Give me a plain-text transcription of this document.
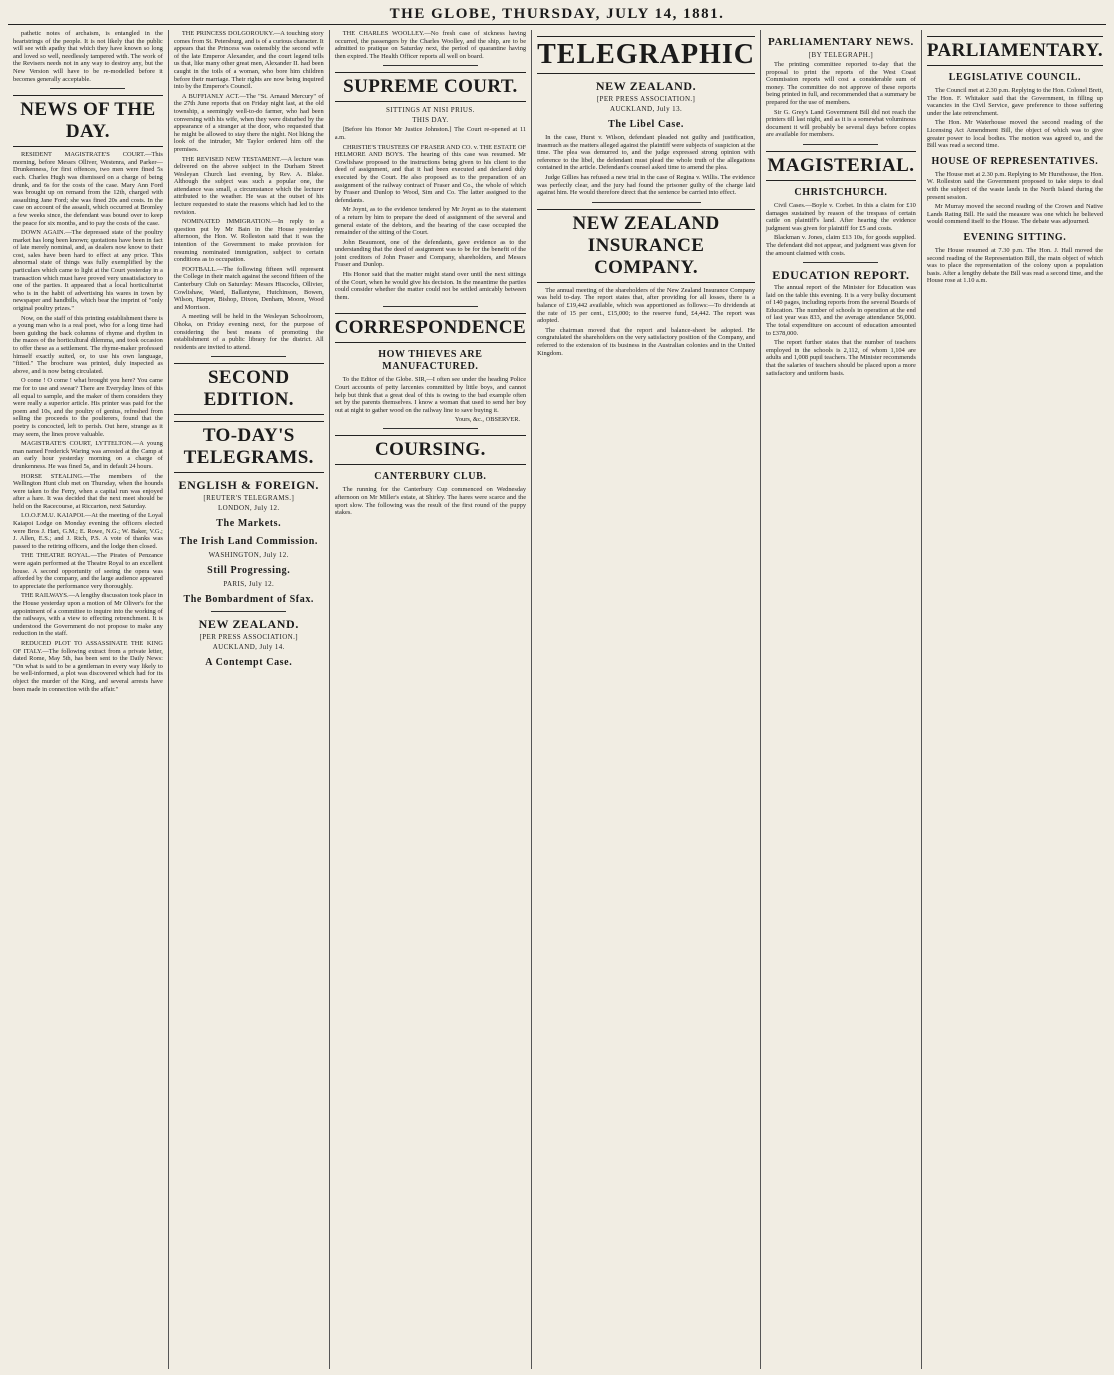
THE GLOBE, THURSDAY, JULY 14, 1881.
pathetic notes of archaism, is entangled in the heartstrings of the people. It is not likely that the public will see with apathy that which they have known so long and loved so well, needlessly tampered with. The work of the Revisers needs not in any way to destroy any, but the New Version will have to be re-modelled before it becomes generally acceptable.
NEWS OF THE DAY.
RESIDENT MAGISTRATE'S COURT.—This morning, before Messrs Olliver, Westenra, and Parker—Drunkenness, for first offences, two men were fined 5s each. Charles Hugh was dismissed on a charge of being drunk, and 6s for the costs of the case. Mary Ann Ford was brought up on remand from the 12th, charged with assaulting Jane Ford; she was fined 20s and costs. In the case on account of the assault, which occurred at Bromley a few weeks since, the defendant was bound over to keep the peace for six months, and to pay the costs of the case.
DOWN AGAIN.—The depressed state of the poultry market has long been known; quotations have been in fact of late merely nominal, and, as dealers now know to their cost, sales have been hard to effect at any price. This abnormal state of things was fully exemplified by the particulars which came to light at the Court yesterday in a transaction which must have proved very unsatisfactory to one of the parties. It appeared that a local horticulturist who is in the habit of advertising his wares in town by newspaper and handbills, which bear the imprint of "only original poultry prizes."
Now, on the staff of this printing establishment there is a young man who is a real poet, who for a long time had been guiding the back columns of rhyme and rhythm in the mazes of the horticultural dilemma, and took occasion to offer these as a settlement. The rhyme-maker professed himself exactly suited, or, to use his own language, "fitted." The brochure was printed, duly inspected as above, and is now being circulated.
O come ! O come ! what brought you here? You came me for to use and swear? There are Everyday lines of this all equal to sample, and the maker of them considers they were really a superior article. His printer was paid for the poem and 10s, and the poultry of genius, refreshed from selling the proceeds to the poulterers, found that the poetry is concocted, left to perish. Out here, strange as it may seem, the lines prove valuable.
MAGISTRATE'S COURT, LYTTELTON.—A young man named Frederick Waring was arrested at the Camp at an early hour yesterday morning on a charge of drunkenness. He was fined 5s, and in default 24 hours.
HORSE STEALING.—The members of the Wellington Hunt club met on Thursday, when the hounds were taken to the Ferry, when a capital run was enjoyed after a hare. It was decided that the next meet should be held on the Racecourse, at Riccarton, next Saturday.
I.O.O.F.M.U. KAIAPOI.—At the meeting of the Loyal Kaiapoi Lodge on Monday evening the officers elected were Bros J. Hart, G.M.; E. Rowe, N.G.; W. Baker, V.G.; J. Allen, E.S.; and J. Rich, P.S. A vote of thanks was passed to the retiring officers, and the lodge then closed.
THE THEATRE ROYAL.—The Pirates of Penzance were again performed at the Theatre Royal to an excellent house. A second opportunity of seeing the opera was afforded by the company, and the large audience appeared to appreciate the performance very thoroughly.
THE RAILWAYS.—A lengthy discussion took place in the House yesterday upon a motion of Mr Oliver's for the appointment of a committee to inquire into the working of the railways, with a view to effecting retrenchment. It is understood the Government do not propose to make any reduction in the staff.
REDUCED PLOT TO ASSASSINATE THE KING OF ITALY.—The following extract from a private letter, dated Rome, May 5th, has been sent to the Daily News: "On what is said to be a gentleman in every way likely to be well-informed, a plot was discovered which had for its object the murder of the King, and several arrests have been made in connection with the affair."
THE PRINCESS DOLGOROUKY.—A touching story comes from St. Petersburg, and is of a curious character. It appears that the Princess was ostensibly the second wife of the late Emperor Alexander, and the court legend tells us that, like many other great men, Alexander II. had been caught in the toils of a woman, who bore him children before their marriage. Their rights are now being inquired into by the Emperor's Council.
A BUFFIANLY ACT.—The "St. Arnaud Mercury" of the 27th June reports that on Friday night last, at the old township, a seemingly well-to-do farmer, who had been conversing with his wife, when they were disturbed by the appearance of a stranger at the door, who requested that he might be allowed to stay there the night. Not liking the look of the intruder, Mr Taylor ordered him off the premises.
THE REVISED NEW TESTAMENT.—A lecture was delivered on the above subject in the Durham Street Wesleyan Church last evening, by Rev. A. Blake. Although the subject was such a popular one, the attendance was small, a circumstance which the lecturer attributed to the weather. He was at the outset of his lecture requested to state the reasons which had led to the revision.
NOMINATED IMMIGRATION.—In reply to a question put by Mr Bain in the House yesterday afternoon, the Hon. W. Rolleston said that it was the intention of the Government to make provision for resuming nominated immigration, subject to certain conditions as to occupation.
FOOTBALL.—The following fifteen will represent the College in their match against the second fifteen of the Canterbury Club on Saturday: Messrs Hiscocks, Ollivier, Cowlishaw, Ward, Ballantyne, Hutchinson, Bowen, Wilson, Harper, Bishop, Dixon, Denham, Moore, Wood and Morrison.
A meeting will be held in the Wesleyan Schoolroom, Ohoka, on Friday evening next, for the purpose of considering the best means of promoting the establishment of a public library for the district. All residents are invited to attend.
SECOND EDITION.
TO-DAY'S TELEGRAMS.
ENGLISH & FOREIGN.
[REUTER'S TELEGRAMS.]
LONDON, July 12.
The Markets.
The Irish Land Commission.
WASHINGTON, July 12.
Still Progressing.
PARIS, July 12.
The Bombardment of Sfax.
NEW ZEALAND.
[PER PRESS ASSOCIATION.]
AUCKLAND, July 14.
A Contempt Case.
THE CHARLES WOOLLEY.—No fresh case of sickness having occurred, the passengers by the Charles Woolley, and the ship, are to be admitted to pratique on Saturday next, the period of quarantine having then expired. The Health Officer reports all well on board.
SUPREME COURT.
SITTINGS AT NISI PRIUS.
THIS DAY.
[Before his Honor Mr Justice Johnston.] The Court re-opened at 11 a.m.
CHRISTIE'S TRUSTEES OF FRASER AND CO. v. THE ESTATE OF HELMORE AND BOYS. The hearing of this case was resumed. Mr Cowlishaw proposed to the instructions being given to his client to the deed of assignment, and that it had been executed and declared duly executed by the Court. He also proposed as to the preparation of an assignment of the railway contract of Fraser and Co., the whole of which by Fraser and Dunlop to Wood, Sim and Co. The latter assigned to the defendants.
Mr Joynt, as to the evidence tendered by Mr Joynt as to the statement of a return by him to prepare the deed of assignment of the several and general estate of the debtors, and the hearing of the case occupied the remainder of the sitting of the Court.
John Beaumont, one of the defendants, gave evidence as to the understanding that the deed of assignment was to be for the benefit of the joint creditors of John Fraser and Company, shareholders, and Messrs Fraser and Dunlop.
His Honor said that the matter might stand over until the next sittings of the Court, when he would give his decision. In the meantime the parties could consider whether the matter could not be settled amicably between them.
CORRESPONDENCE
HOW THIEVES ARE MANUFACTURED.
To the Editor of the Globe. SIR,—I often see under the heading Police Court accounts of petty larcenies committed by little boys, and cannot help but think that a great deal of this is owing to the bad example often set by the parents themselves. I know a woman that used to send her boy out at night to gather wood on the railway line to save buying it.
Yours, &c., OBSERVER.
COURSING.
CANTERBURY CLUB.
The running for the Canterbury Cup commenced on Wednesday afternoon on Mr Miller's estate, at Shirley. The hares were scarce and the sport slow. The following was the result of the first round of the puppy stakes.
TELEGRAPHIC
NEW ZEALAND.
[PER PRESS ASSOCIATION.]
AUCKLAND, July 13.
The Libel Case.
In the case, Hurst v. Wilson, defendant pleaded not guilty and justification, inasmuch as the matters alleged against the plaintiff were subjects of suspicion at the time. The plea was demurred to, and the judge expressed strong opinion with reference to the libel, the defendant must plead the whole truth of the allegations contained in the article. Defendant's counsel asked time to amend the plea.
Judge Gillies has refused a new trial in the case of Regina v. Willis. The evidence was perfectly clear, and the jury had found the prisoner guilty of the charge laid against him. He would therefore direct that the sentence be carried into effect.
NEW ZEALAND INSURANCE COMPANY.
The annual meeting of the shareholders of the New Zealand Insurance Company was held to-day. The report states that, after providing for all losses, there is a balance of £19,442 available, which was apportioned as follows:—To dividends at the rate of 15 per cent., £15,000; to the reserve fund, £4,442. The report was adopted.
The chairman moved that the report and balance-sheet be adopted. He congratulated the shareholders on the very satisfactory position of the Company, and referred to the extension of its business in the Australian colonies and in the United Kingdom.
PARLIAMENTARY NEWS.
[BY TELEGRAPH.]
The printing committee reported to-day that the proposal to print the reports of the West Coast Commission reports will cost a considerable sum of money. The committee do not approve of these reports being printed in full, and recommended that a summary be prepared for the use of members.
Sir G. Grey's Land Government Bill did not reach the printers till last night, and as it is a somewhat voluminous document it will probably be several days before copies are available for members.
MAGISTERIAL.
CHRISTCHURCH.
Civil Cases.—Boyle v. Corbet. In this a claim for £10 damages sustained by reason of the trespass of certain cattle on plaintiff's land. After hearing the evidence judgment was given for plaintiff for £5 and costs.
Blackman v. Jones, claim £13 10s, for goods supplied. The defendant did not appear, and judgment was given for the amount claimed with costs.
EDUCATION REPORT.
The annual report of the Minister for Education was laid on the table this evening. It is a very bulky document of 140 pages, including reports from the several Boards of Education. The number of schools in operation at the end of last year was 833, and the average attendance 56,000. The total expenditure on account of education amounted to £378,000.
The report further states that the number of teachers employed in the schools is 2,112, of whom 1,104 are adults and 1,008 pupil teachers. The Minister recommends that the salaries of teachers should be placed upon a more satisfactory and uniform basis.
PARLIAMENTARY.
LEGISLATIVE COUNCIL.
The Council met at 2.30 p.m. Replying to the Hon. Colonel Brett, The Hon. F. Whitaker said that the Government, in filling up vacancies in the Civil Service, gave preference to those suffering under the late retrenchment.
The Hon. Mr Waterhouse moved the second reading of the Licensing Act Amendment Bill, the object of which was to give greater power to local bodies. The motion was agreed to, and the Bill was read a second time.
HOUSE OF REPRESENTATIVES.
The House met at 2.30 p.m. Replying to Mr Hursthouse, the Hon. W. Rolleston said the Government proposed to take steps to deal with the subject of the waste lands in the North Island during the present session.
Mr Murray moved the second reading of the Crown and Native Lands Rating Bill. He said the measure was one which he believed would commend itself to the House. The debate was adjourned.
EVENING SITTING.
The House resumed at 7.30 p.m. The Hon. J. Hall moved the second reading of the Representation Bill, the main object of which was to place the representation of the colony upon a population basis. After a lengthy debate the Bill was read a second time, and the House rose at 1.10 a.m.
